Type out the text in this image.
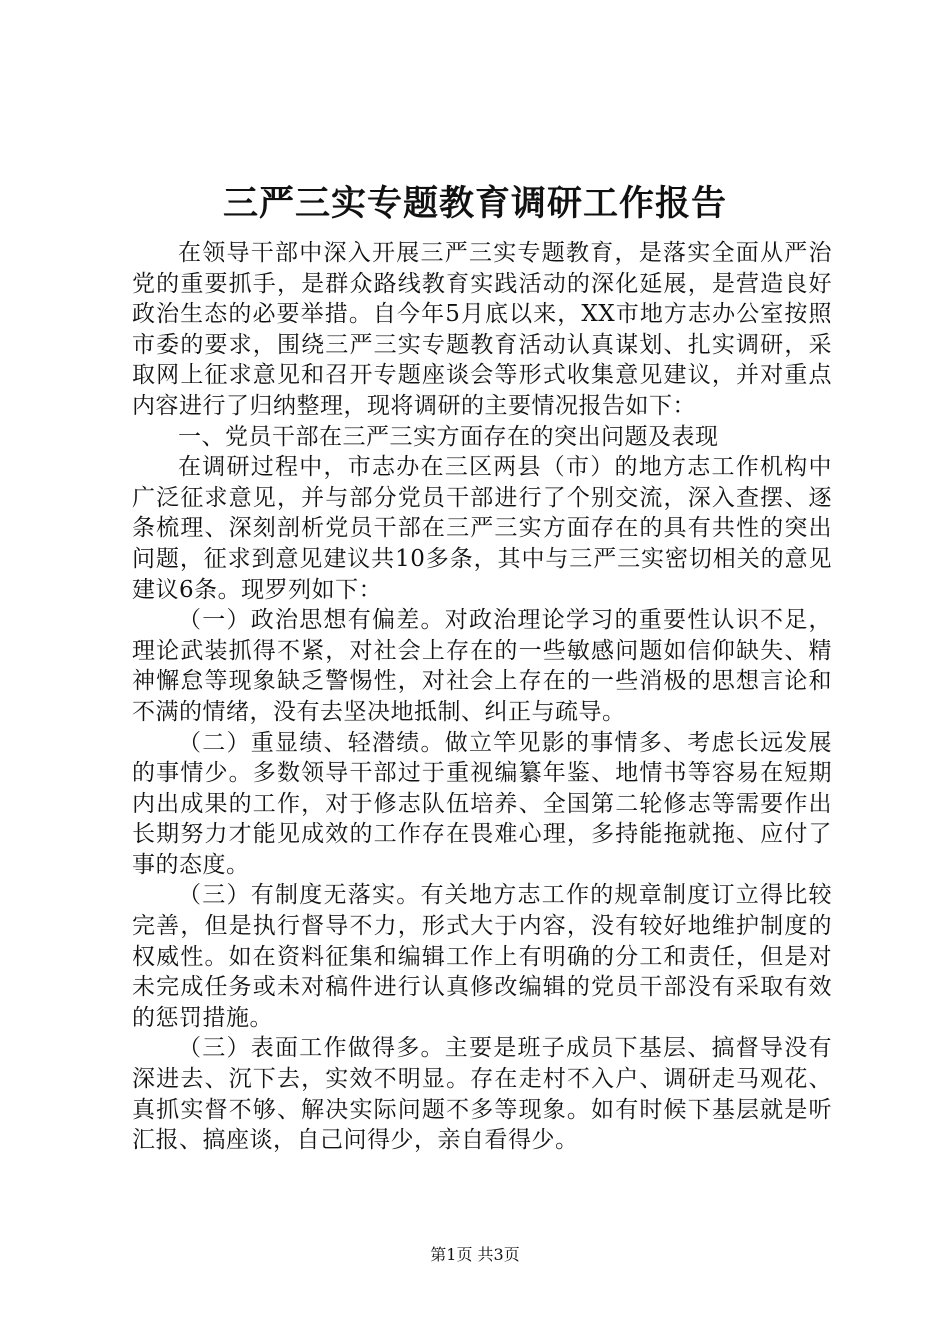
三严三实专题教育调研工作报告

在领导干部中深入开展三严三实专题教育，是落实全面从严治党的重要抓手，是群众路线教育实践活动的深化延展，是营造良好政治生态的必要举措。自今年5月底以来，XX市地方志办公室按照市委的要求，围绕三严三实专题教育活动认真谋划、扎实调研，采取网上征求意见和召开专题座谈会等形式收集意见建议，并对重点内容进行了归纳整理，现将调研的主要情况报告如下：

一、党员干部在三严三实方面存在的突出问题及表现

在调研过程中，市志办在三区两县（市）的地方志工作机构中广泛征求意见，并与部分党员干部进行了个别交流，深入查摆、逐条梳理、深刻剖析党员干部在三严三实方面存在的具有共性的突出问题，征求到意见建议共10多条，其中与三严三实密切相关的意见建议6条。现罗列如下：

（一）政治思想有偏差。对政治理论学习的重要性认识不足，理论武装抓得不紧，对社会上存在的一些敏感问题如信仰缺失、精神懈怠等现象缺乏警惕性，对社会上存在的一些消极的思想言论和不满的情绪，没有去坚决地抵制、纠正与疏导。

（二）重显绩、轻潜绩。做立竿见影的事情多、考虑长远发展的事情少。多数领导干部过于重视编纂年鉴、地情书等容易在短期内出成果的工作，对于修志队伍培养、全国第二轮修志等需要作出长期努力才能见成效的工作存在畏难心理，多持能拖就拖、应付了事的态度。

（三）有制度无落实。有关地方志工作的规章制度订立得比较完善，但是执行督导不力，形式大于内容，没有较好地维护制度的权威性。如在资料征集和编辑工作上有明确的分工和责任，但是对未完成任务或未对稿件进行认真修改编辑的党员干部没有采取有效的惩罚措施。

（三）表面工作做得多。主要是班子成员下基层、搞督导没有深进去、沉下去，实效不明显。存在走村不入户、调研走马观花、真抓实督不够、解决实际问题不多等现象。如有时候下基层就是听汇报、搞座谈，自己问得少，亲自看得少。

第1页 共3页
